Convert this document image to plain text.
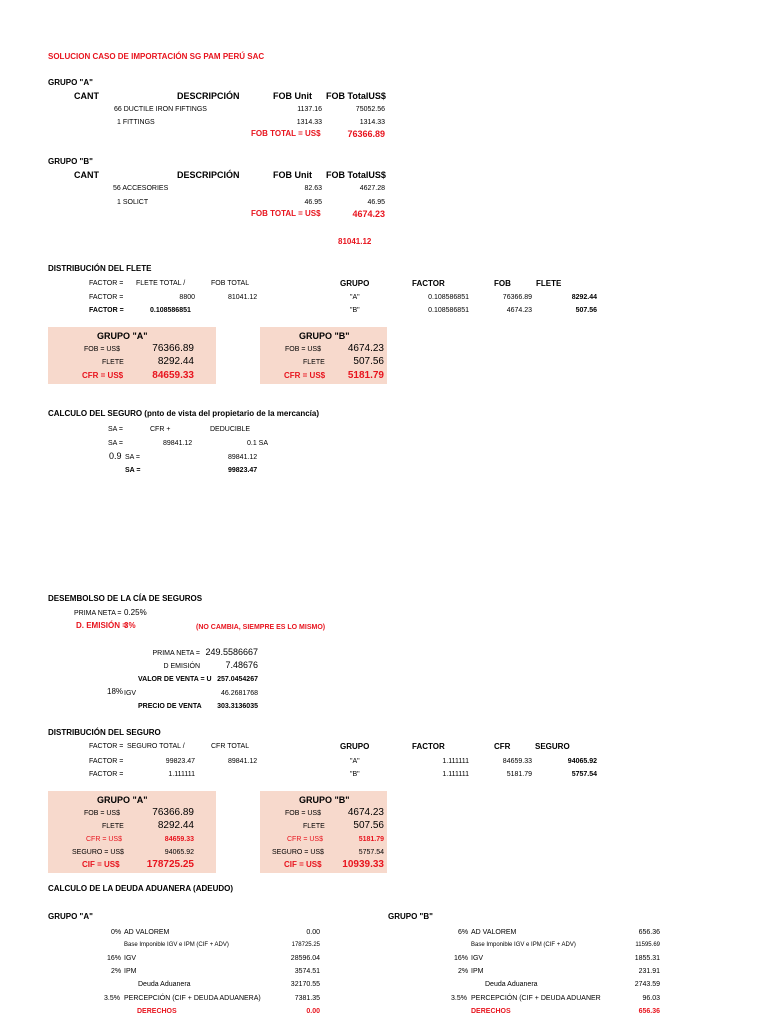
SOLUCION CASO DE IMPORTACIÓN SG PAM PERÚ SAC
GRUPO "A"
CANT	DESCRIPCIÓN	FOB Unit FOB TotalUS$
66 DUCTILE IRON FIFTINGS	1137.16	75052.56
1 FITTINGS	1314.33	1314.33
FOB TOTAL = US$	76366.89
GRUPO "B"
CANT	DESCRIPCIÓN	FOB Unit FOB TotalUS$
56 ACCESORIES	82.63	4627.28
1 SOLICT	46.95	46.95
FOB TOTAL = US$	4674.23
81041.12
DISTRIBUCIÓN DEL FLETE
FACTOR = FLETE TOTAL /	FOB TOTAL
FACTOR =	8800	81041.12
FACTOR =	0.108586851
GRUPO	FACTOR	FOB	FLETE
"A"	0.108586851	76366.89	8292.44
"B"	0.108586851	4674.23	507.56
GRUPO "A"
FOB = US$	76366.89
FLETE	8292.44
CFR = US$	84659.33
GRUPO "B"
FOB = US$	4674.23
FLETE	507.56
CFR = US$	5181.79
CALCULO DEL SEGURO (pnto de vista del propietario de la mercancía)
SA =	CFR +	DEDUCIBLE
SA =	89841.12	0.1 SA
0.9 SA =	89841.12
SA =	99823.47
DESEMBOLSO DE LA CÍA DE SEGUROS
PRIMA NETA = 0.25%
D. EMISIÓN =
3%	(NO CAMBIA, SIEMPRE ES LO MISMO)
PRIMA NETA = 249.5586667
D EMISIÓN	7.48676
VALOR DE VENTA = U 257.0454267
18% IGV	46.2681768
PRECIO DE VENTA	303.3136035
DISTRIBUCIÓN DEL SEGURO
FACTOR = SEGURO TOTAL /	CFR TOTAL
FACTOR =	99823.47	89841.12
FACTOR =	1.111111
GRUPO	FACTOR	CFR	SEGURO
"A"	1.111111	84659.33	94065.92
"B"	1.111111	5181.79	5757.54
GRUPO "A"
FOB = US$	76366.89
FLETE	8292.44
CFR = US$	84659.33
SEGURO = US$	94065.92
CIF = US$	178725.25
GRUPO "B"
FOB = US$	4674.23
FLETE	507.56
CFR = US$	5181.79
SEGURO = US$	5757.54
CIF = US$	10939.33
CALCULO DE LA DEUDA ADUANERA (ADEUDO)
GRUPO "A"
0% AD VALOREM	0.00
Base Imponible IGV e IPM (CIF + ADV)	178725.25
16% IGV	28596.04
2% IPM	3574.51
Deuda Aduanera	32170.55
3.5% PERCEPCIÓN (CIF + DEUDA ADUANERA)	7381.35
DERECHOS	0.00
GRUPO "B"
6% AD VALOREM	656.36
Base Imponible IGV e IPM (CIF + ADV)	11595.69
16% IGV	1855.31
2% IPM	231.91
Deuda Aduanera	2743.59
3.5% PERCEPCIÓN (CIF + DEUDA ADUANER	96.03
DERECHOS	656.36
